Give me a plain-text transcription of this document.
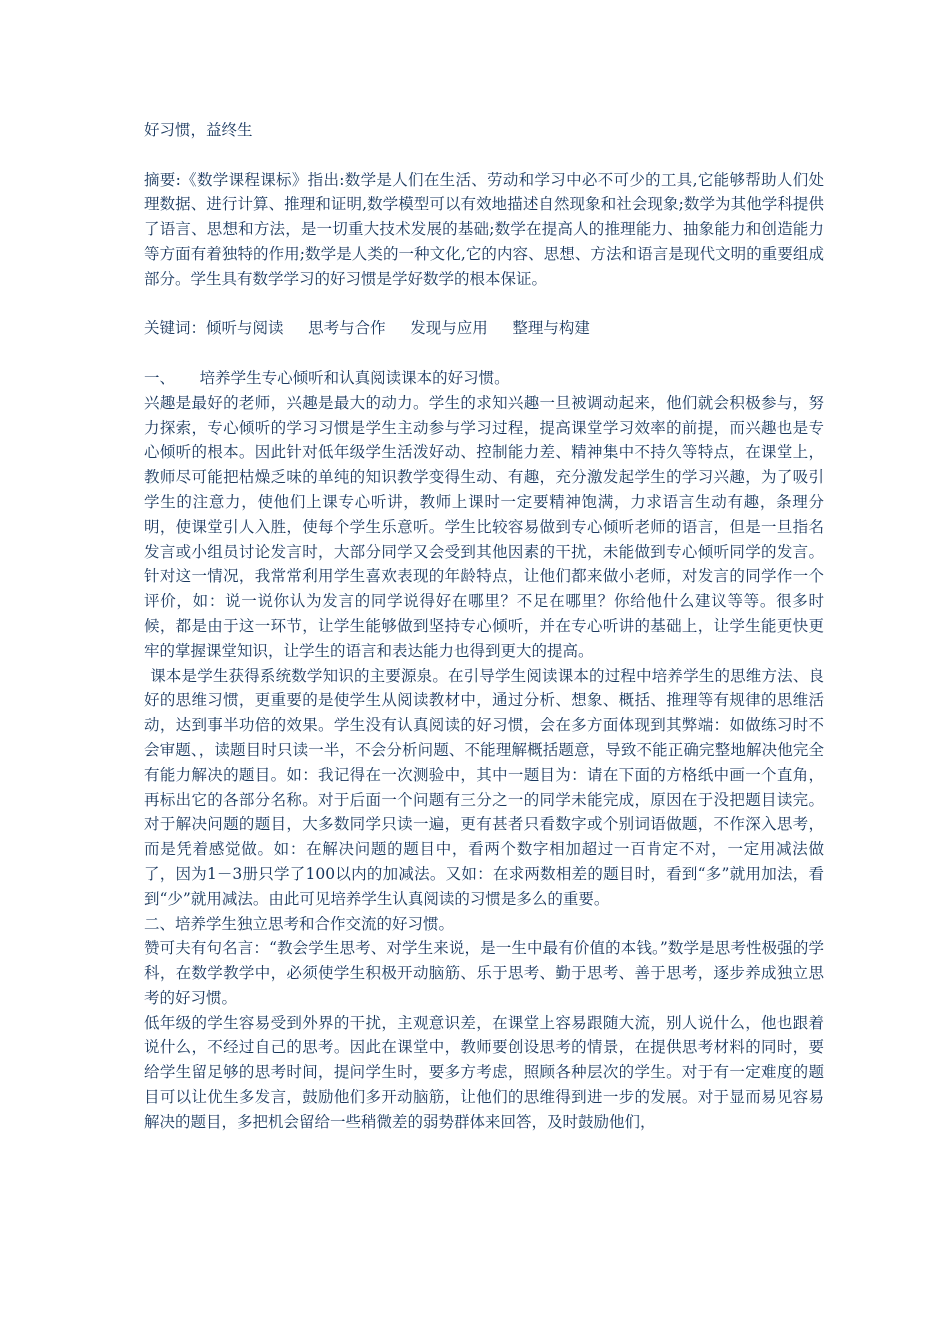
好习惯，益终生

摘要:《数学课程课标》指出:数学是人们在生活、劳动和学习中必不可少的工具,它能够帮助人们处理数据、进行计算、推理和证明,数学模型可以有效地描述自然现象和社会现象;数学为其他学科提供了语言、思想和方法，是一切重大技术发展的基础;数学在提高人的推理能力、抽象能力和创造能力等方面有着独特的作用;数学是人类的一种文化,它的内容、思想、方法和语言是现代文明的重要组成部分。学生具有数学学习的好习惯是学好数学的根本保证。

关键词：倾听与阅读     思考与合作     发现与应用     整理与构建

一、     培养学生专心倾听和认真阅读课本的好习惯。

兴趣是最好的老师，兴趣是最大的动力。学生的求知兴趣一旦被调动起来，他们就会积极参与，努力探索，专心倾听的学习习惯是学生主动参与学习过程，提高课堂学习效率的前提，而兴趣也是专心倾听的根本。因此针对低年级学生活泼好动、控制能力差、精神集中不持久等特点，在课堂上，教师尽可能把枯燥乏味的单纯的知识教学变得生动、有趣，充分激发起学生的学习兴趣，为了吸引学生的注意力，使他们上课专心听讲，教师上课时一定要精神饱满，力求语言生动有趣，条理分明，使课堂引人入胜，使每个学生乐意听。学生比较容易做到专心倾听老师的语言，但是一旦指名发言或小组员讨论发言时，大部分同学又会受到其他因素的干扰，未能做到专心倾听同学的发言。针对这一情况，我常常利用学生喜欢表现的年龄特点，让他们都来做小老师，对发言的同学作一个评价，如：说一说你认为发言的同学说得好在哪里？不足在哪里？你给他什么建议等等。很多时候，都是由于这一环节，让学生能够做到坚持专心倾听，并在专心听讲的基础上，让学生能更快更牢的掌握课堂知识，让学生的语言和表达能力也得到更大的提高。

课本是学生获得系统数学知识的主要源泉。在引导学生阅读课本的过程中培养学生的思维方法、良好的思维习惯，更重要的是使学生从阅读教材中，通过分析、想象、概括、推理等有规律的思维活动，达到事半功倍的效果。学生没有认真阅读的好习惯，会在多方面体现到其弊端：如做练习时不会审题、，读题目时只读一半，不会分析问题、不能理解概括题意，导致不能正确完整地解决他完全有能力解决的题目。如：我记得在一次测验中，其中一题目为：请在下面的方格纸中画一个直角，再标出它的各部分名称。对于后面一个问题有三分之一的同学未能完成，原因在于没把题目读完。对于解决问题的题目，大多数同学只读一遍，更有甚者只看数字或个别词语做题，不作深入思考，而是凭着感觉做。如：在解决问题的题目中，看两个数字相加超过一百肯定不对，一定用减法做了，因为1－3册只学了100以内的加减法。又如：在求两数相差的题目时，看到“多”就用加法，看到“少”就用减法。由此可见培养学生认真阅读的习惯是多么的重要。

二、培养学生独立思考和合作交流的好习惯。

赞可夫有句名言：“教会学生思考、对学生来说，是一生中最有价值的本钱。”数学是思考性极强的学科，在数学教学中，必须使学生积极开动脑筋、乐于思考、勤于思考、善于思考，逐步养成独立思考的好习惯。

低年级的学生容易受到外界的干扰，主观意识差，在课堂上容易跟随大流，别人说什么，他也跟着说什么，不经过自己的思考。因此在课堂中，教师要创设思考的情景，在提供思考材料的同时，要给学生留足够的思考时间，提问学生时，要多方考虑，照顾各种层次的学生。对于有一定难度的题目可以让优生多发言，鼓励他们多开动脑筋，让他们的思维得到进一步的发展。对于显而易见容易解决的题目，多把机会留给一些稍微差的弱势群体来回答，及时鼓励他们，
